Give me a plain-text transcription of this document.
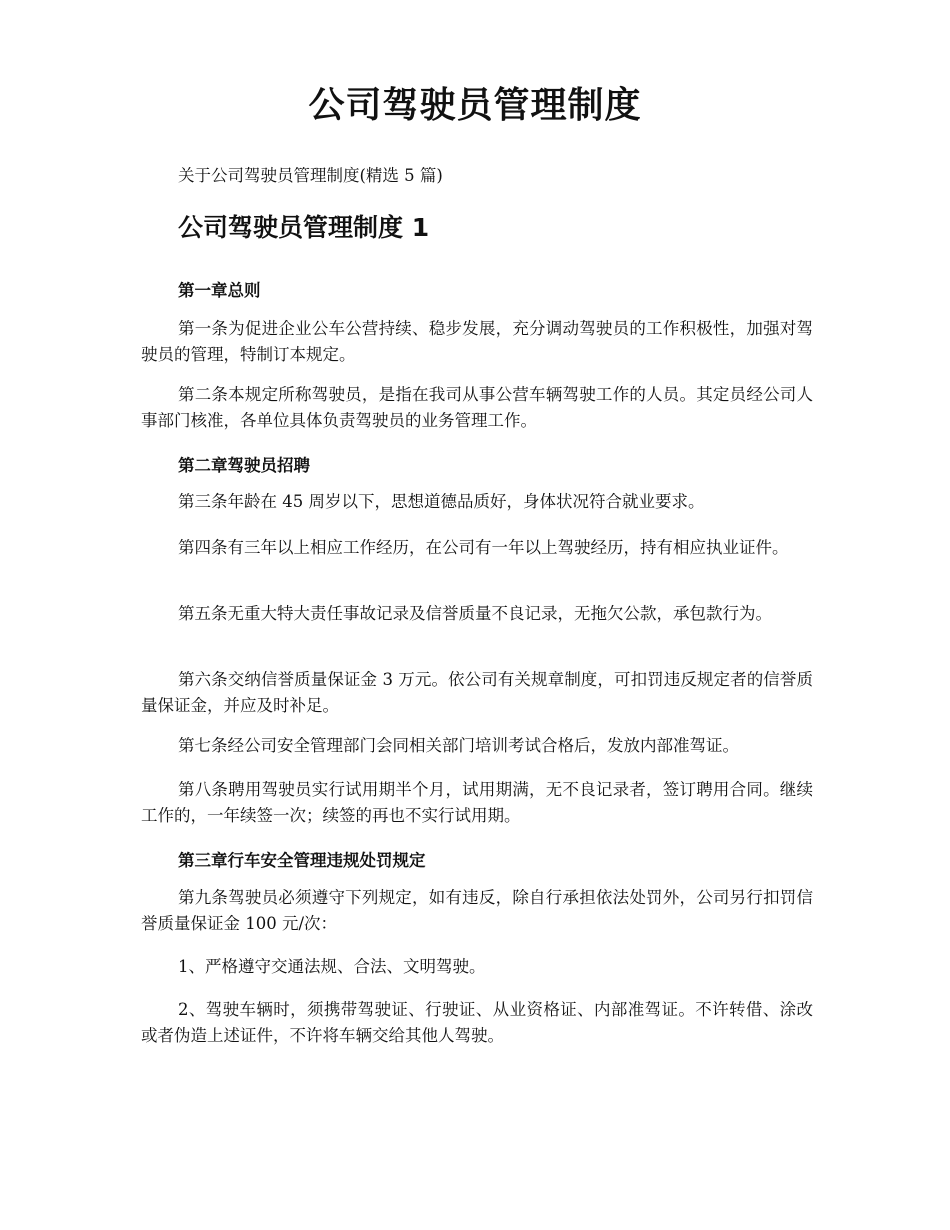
公司驾驶员管理制度
关于公司驾驶员管理制度(精选 5 篇)
公司驾驶员管理制度 1
第一章总则
第一条为促进企业公车公营持续、稳步发展，充分调动驾驶员的工作积极性，加强对驾驶员的管理，特制订本规定。
第二条本规定所称驾驶员，是指在我司从事公营车辆驾驶工作的人员。其定员经公司人事部门核准，各单位具体负责驾驶员的业务管理工作。
第二章驾驶员招聘
第三条年龄在 45 周岁以下，思想道德品质好，身体状况符合就业要求。
第四条有三年以上相应工作经历，在公司有一年以上驾驶经历，持有相应执业证件。
第五条无重大特大责任事故记录及信誉质量不良记录，无拖欠公款，承包款行为。
第六条交纳信誉质量保证金 3 万元。依公司有关规章制度，可扣罚违反规定者的信誉质量保证金，并应及时补足。
第七条经公司安全管理部门会同相关部门培训考试合格后，发放内部准驾证。
第八条聘用驾驶员实行试用期半个月，试用期满，无不良记录者，签订聘用合同。继续工作的，一年续签一次；续签的再也不实行试用期。
第三章行车安全管理违规处罚规定
第九条驾驶员必须遵守下列规定，如有违反，除自行承担依法处罚外，公司另行扣罚信誉质量保证金 100 元/次：
1、严格遵守交通法规、合法、文明驾驶。
2、驾驶车辆时，须携带驾驶证、行驶证、从业资格证、内部准驾证。不许转借、涂改或者伪造上述证件，不许将车辆交给其他人驾驶。
